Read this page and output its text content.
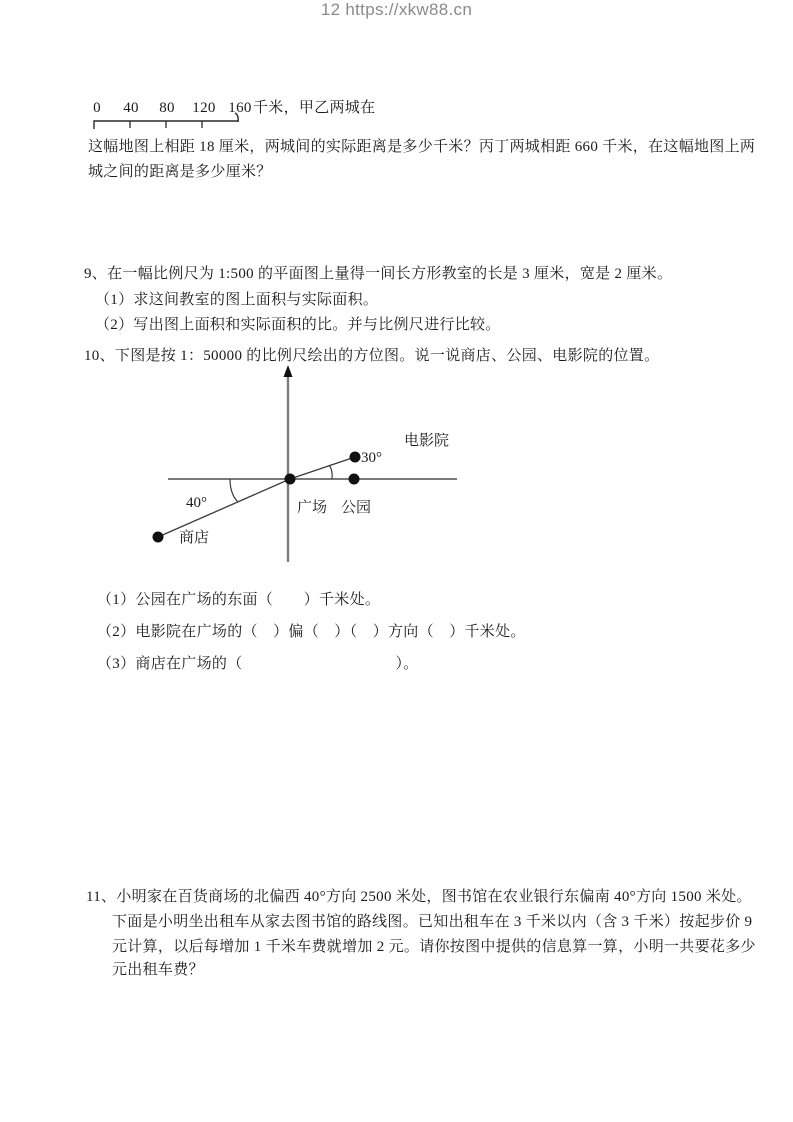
0 40 80 120 160 千米，甲乙两城在
这幅地图上相距 18 厘米，两城间的实际距离是多少千米？丙丁两城相距 660 千米，在这幅地图上两
城之间的距离是多少厘米？
9、在一幅比例尺为 1:500 的平面图上量得一间长方形教室的长是 3 厘米，宽是 2 厘米。
（1）求这间教室的图上面积与实际面积。
（2）写出图上面积和实际面积的比。并与比例尺进行比较。
10、下图是按 1：50000 的比例尺绘出的方位图。说一说商店、公园、电影院的位置。
电影院
30°
40°	广场 公园
商店
（1）公园在广场的东面（　　）千米处。
（2）电影院在广场的（　）偏（　）（　）方向（　）千米处。
（3）商店在广场的（　　　　　　　　　　）。
11、小明家在百货商场的北偏西 40°方向 2500 米处，图书馆在农业银行东偏南 40°方向 1500 米处。
下面是小明坐出租车从家去图书馆的路线图。已知出租车在 3 千米以内（含 3 千米）按起步价 9
元计算，以后每增加 1 千米车费就增加 2 元。请你按图中提供的信息算一算，小明一共要花多少
元出租车费？
12 https://xkw88.cn
